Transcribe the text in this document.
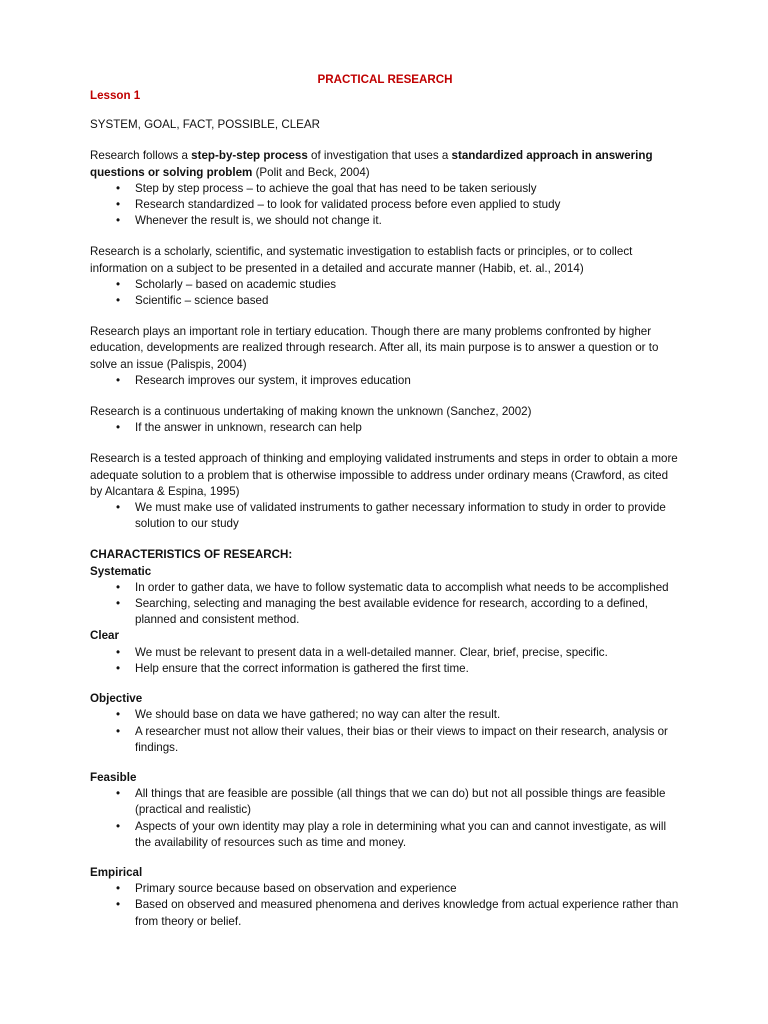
PRACTICAL RESEARCH

Lesson 1

SYSTEM, GOAL, FACT, POSSIBLE, CLEAR

Research follows a step-by-step process of investigation that uses a standardized approach in answering questions or solving problem (Polit and Beck, 2004)

• Step by step process – to achieve the goal that has need to be taken seriously
• Research standardized – to look for validated process before even applied to study
• Whenever the result is, we should not change it.

Research is a scholarly, scientific, and systematic investigation to establish facts or principles, or to collect information on a subject to be presented in a detailed and accurate manner (Habib, et. al., 2014)

• Scholarly – based on academic studies
• Scientific – science based

Research plays an important role in tertiary education. Though there are many problems confronted by higher education, developments are realized through research. After all, its main purpose is to answer a question or to solve an issue (Palispis, 2004)

• Research improves our system, it improves education

Research is a continuous undertaking of making known the unknown (Sanchez, 2002)

• If the answer in unknown, research can help

Research is a tested approach of thinking and employing validated instruments and steps in order to obtain a more adequate solution to a problem that is otherwise impossible to address under ordinary means (Crawford, as cited by Alcantara & Espina, 1995)

• We must make use of validated instruments to gather necessary information to study in order to provide solution to our study

CHARACTERISTICS OF RESEARCH:

Systematic

• In order to gather data, we have to follow systematic data to accomplish what needs to be accomplished
• Searching, selecting and managing the best available evidence for research, according to a defined, planned and consistent method.

Clear

• We must be relevant to present data in a well-detailed manner. Clear, brief, precise, specific.
• Help ensure that the correct information is gathered the first time.

Objective

• We should base on data we have gathered; no way can alter the result.
• A researcher must not allow their values, their bias or their views to impact on their research, analysis or findings.

Feasible

• All things that are feasible are possible (all things that we can do) but not all possible things are feasible (practical and realistic)
• Aspects of your own identity may play a role in determining what you can and cannot investigate, as will the availability of resources such as time and money.

Empirical

• Primary source because based on observation and experience
• Based on observed and measured phenomena and derives knowledge from actual experience rather than from theory or belief.
